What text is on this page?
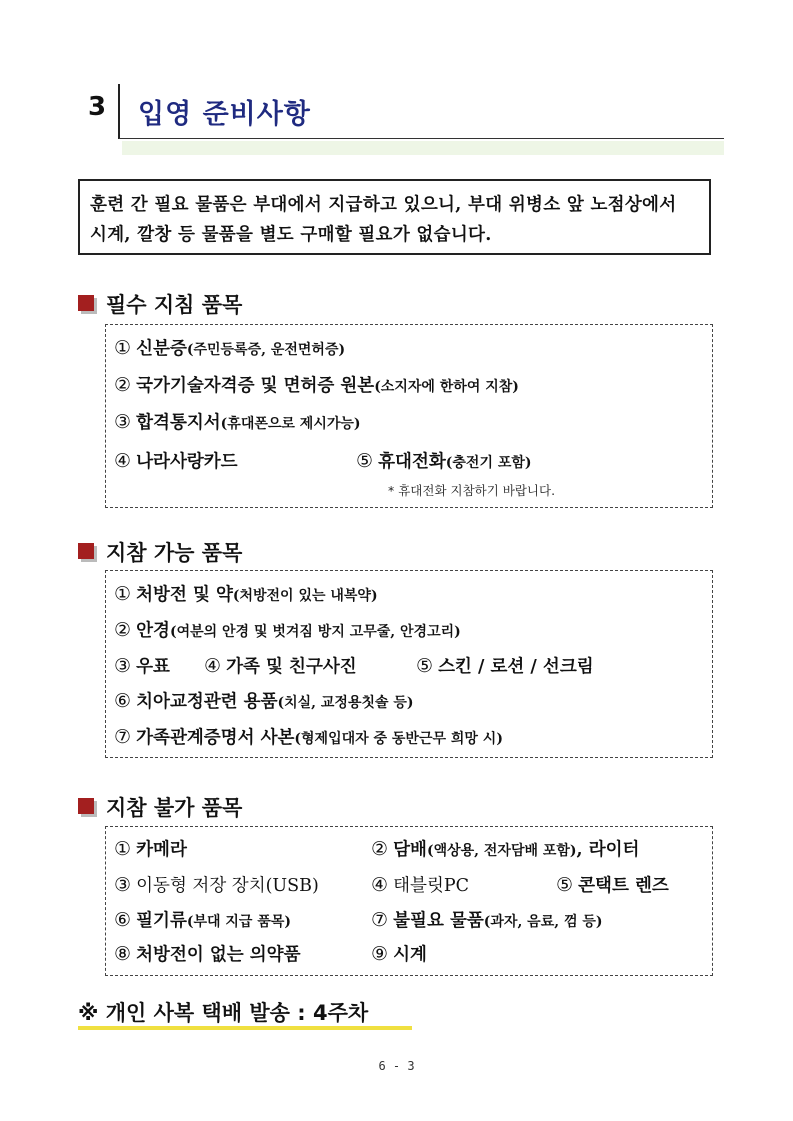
3 입영 준비사항
훈련 간 필요 물품은 부대에서 지급하고 있으니, 부대 위병소 앞 노점상에서
시계, 깔창 등 물품을 별도 구매할 필요가 없습니다.
필수 지침 품목
① 신분증(주민등록증, 운전면허증)
② 국가기술자격증 및 면허증 원본(소지자에 한하여 지참)
③ 합격통지서(휴대폰으로 제시가능)
④ 나라사랑카드	⑤ 휴대전화(충전기 포함)
* 휴대전화 지참하기 바랍니다.
지참 가능 품목
① 처방전 및 약(처방전이 있는 내복약)
② 안경(여분의 안경 및 벗겨짐 방지 고무줄, 안경고리)
③ 우표 ④ 가족 및 친구사진	⑤ 스킨 / 로션 / 선크림
⑥ 치아교정관련 용품(치실, 교정용칫솔 등)
⑦ 가족관계증명서 사본(형제입대자 중 동반근무 희망 시)
지참 불가 품목
① 카메라	② 담배(액상용, 전자담배 포함), 라이터
③ 이동형 저장 장치(USB)	④ 태블릿PC	⑤ 콘택트 렌즈
⑥ 필기류(부대 지급 품목)	⑦ 불필요 물품(과자, 음료, 껌 등)
⑧ 처방전이 없는 의약품	⑨ 시계
※ 개인 사복 택배 발송 : 4주차
6 - 3
